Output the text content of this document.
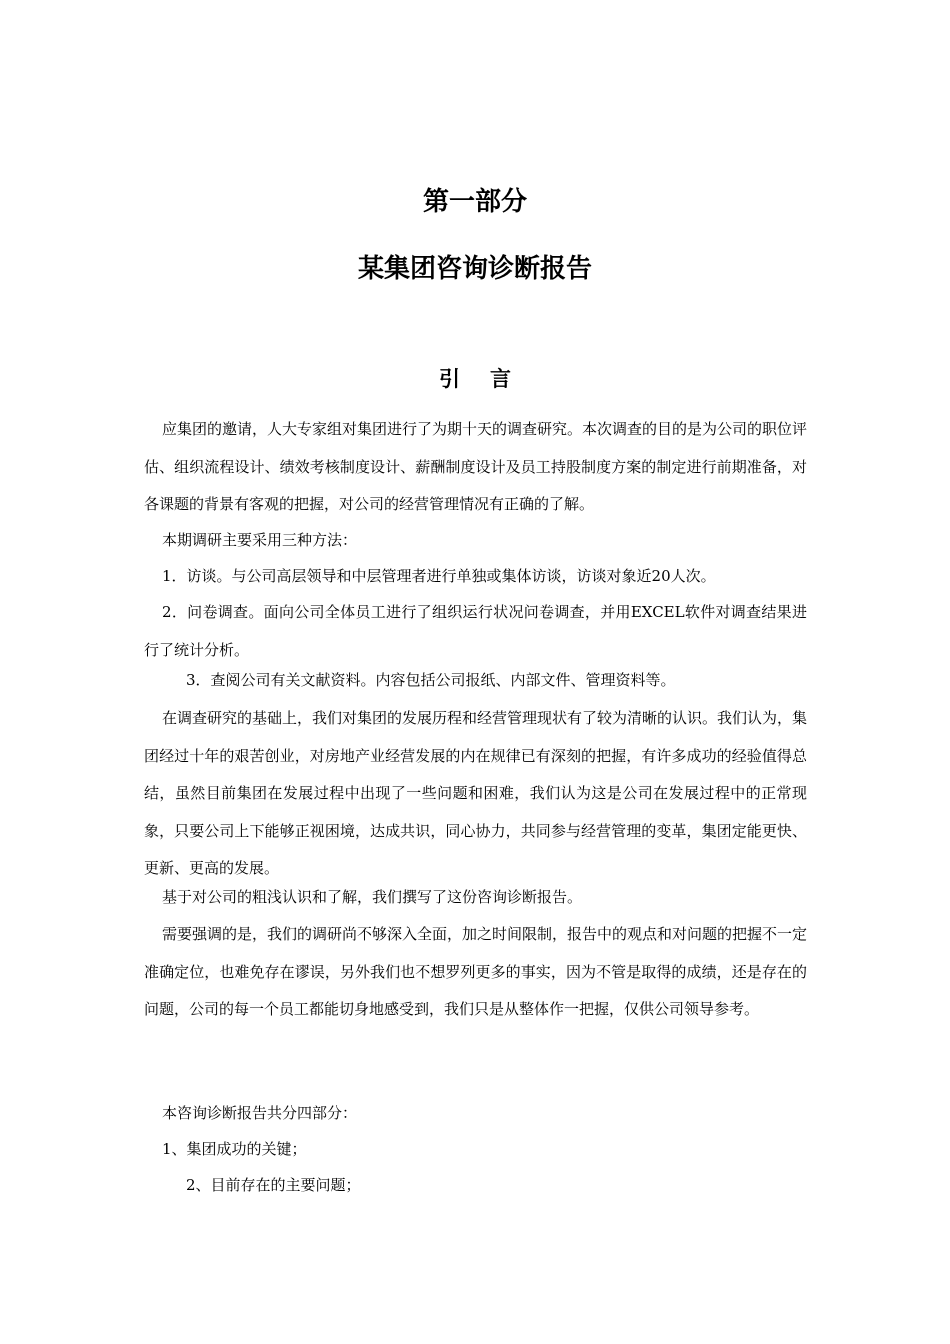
第一部分
某集团咨询诊断报告
引言

应集团的邀请，人大专家组对集团进行了为期十天的调查研究。本次调查的目的是为公司的职位评估、组织流程设计、绩效考核制度设计、薪酬制度设计及员工持股制度方案的制定进行前期准备，对各课题的背景有客观的把握，对公司的经营管理情况有正确的了解。

本期调研主要采用三种方法：

1．访谈。与公司高层领导和中层管理者进行单独或集体访谈，访谈对象近20人次。

2．问卷调查。面向公司全体员工进行了组织运行状况问卷调查，并用EXCEL软件对调查结果进行了统计分析。

3．查阅公司有关文献资料。内容包括公司报纸、内部文件、管理资料等。

在调查研究的基础上，我们对集团的发展历程和经营管理现状有了较为清晰的认识。我们认为，集团经过十年的艰苦创业，对房地产业经营发展的内在规律已有深刻的把握，有许多成功的经验值得总结，虽然目前集团在发展过程中出现了一些问题和困难，我们认为这是公司在发展过程中的正常现象，只要公司上下能够正视困境，达成共识，同心协力，共同参与经营管理的变革，集团定能更快、更新、更高的发展。

基于对公司的粗浅认识和了解，我们撰写了这份咨询诊断报告。

需要强调的是，我们的调研尚不够深入全面，加之时间限制，报告中的观点和对问题的把握不一定准确定位，也难免存在谬误，另外我们也不想罗列更多的事实，因为不管是取得的成绩，还是存在的问题，公司的每一个员工都能切身地感受到，我们只是从整体作一把握，仅供公司领导参考。

本咨询诊断报告共分四部分：

1、集团成功的关键；

2、目前存在的主要问题；
